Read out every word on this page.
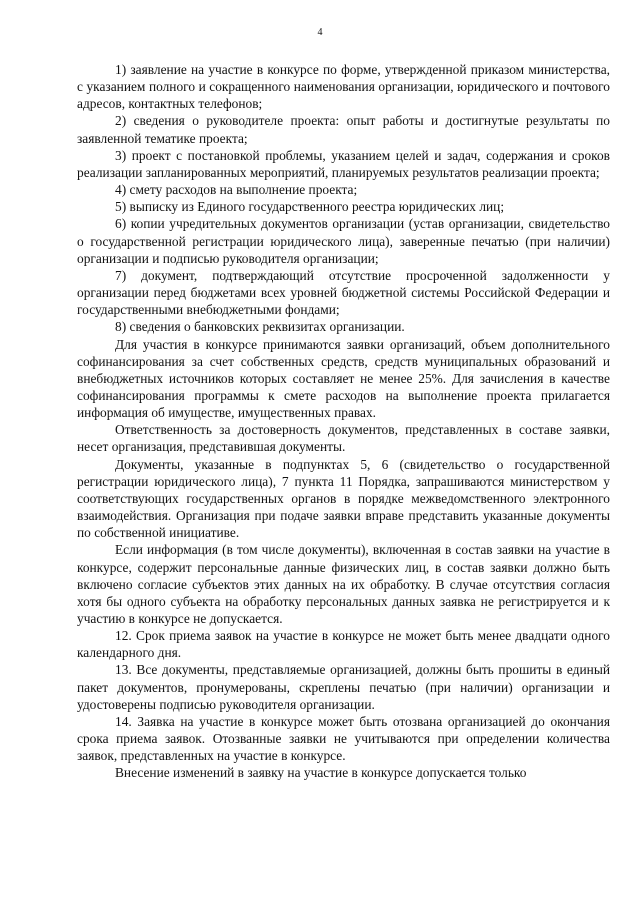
4

1) заявление на участие в конкурсе по форме, утвержденной приказом министерства, с указанием полного и сокращенного наименования организации, юридического и почтового адресов, контактных телефонов;

2) сведения о руководителе проекта: опыт работы и достигнутые результаты по заявленной тематике проекта;

3) проект с постановкой проблемы, указанием целей и задач, содержания и сроков реализации запланированных мероприятий, планируемых результатов реализации проекта;

4) смету расходов на выполнение проекта;

5) выписку из Единого государственного реестра юридических лиц;

6) копии учредительных документов организации (устав организации, свидетельство о государственной регистрации юридического лица), заверенные печатью (при наличии) организации и подписью руководителя организации;

7) документ, подтверждающий отсутствие просроченной задолженности у организации перед бюджетами всех уровней бюджетной системы Российской Федерации и государственными внебюджетными фондами;

8) сведения о банковских реквизитах организации.

Для участия в конкурсе принимаются заявки организаций, объем дополнительного софинансирования за счет собственных средств, средств муниципальных образований и внебюджетных источников которых составляет не менее 25%. Для зачисления в качестве софинансирования программы к смете расходов на выполнение проекта прилагается информация об имуществе, имущественных правах.

Ответственность за достоверность документов, представленных в составе заявки, несет организация, представившая документы.

Документы, указанные в подпунктах 5, 6 (свидетельство о государственной регистрации юридического лица), 7 пункта 11 Порядка, запрашиваются министерством у соответствующих государственных органов в порядке межведомственного электронного взаимодействия. Организация при подаче заявки вправе представить указанные документы по собственной инициативе.

Если информация (в том числе документы), включенная в состав заявки на участие в конкурсе, содержит персональные данные физических лиц, в состав заявки должно быть включено согласие субъектов этих данных на их обработку. В случае отсутствия согласия хотя бы одного субъекта на обработку персональных данных заявка не регистрируется и к участию в конкурсе не допускается.

12. Срок приема заявок на участие в конкурсе не может быть менее двадцати одного календарного дня.

13. Все документы, представляемые организацией, должны быть прошиты в единый пакет документов, пронумерованы, скреплены печатью (при наличии) организации и удостоверены подписью руководителя организации.

14. Заявка на участие в конкурсе может быть отозвана организацией до окончания срока приема заявок. Отозванные заявки не учитываются при определении количества заявок, представленных на участие в конкурсе.

Внесение изменений в заявку на участие в конкурсе допускается только
